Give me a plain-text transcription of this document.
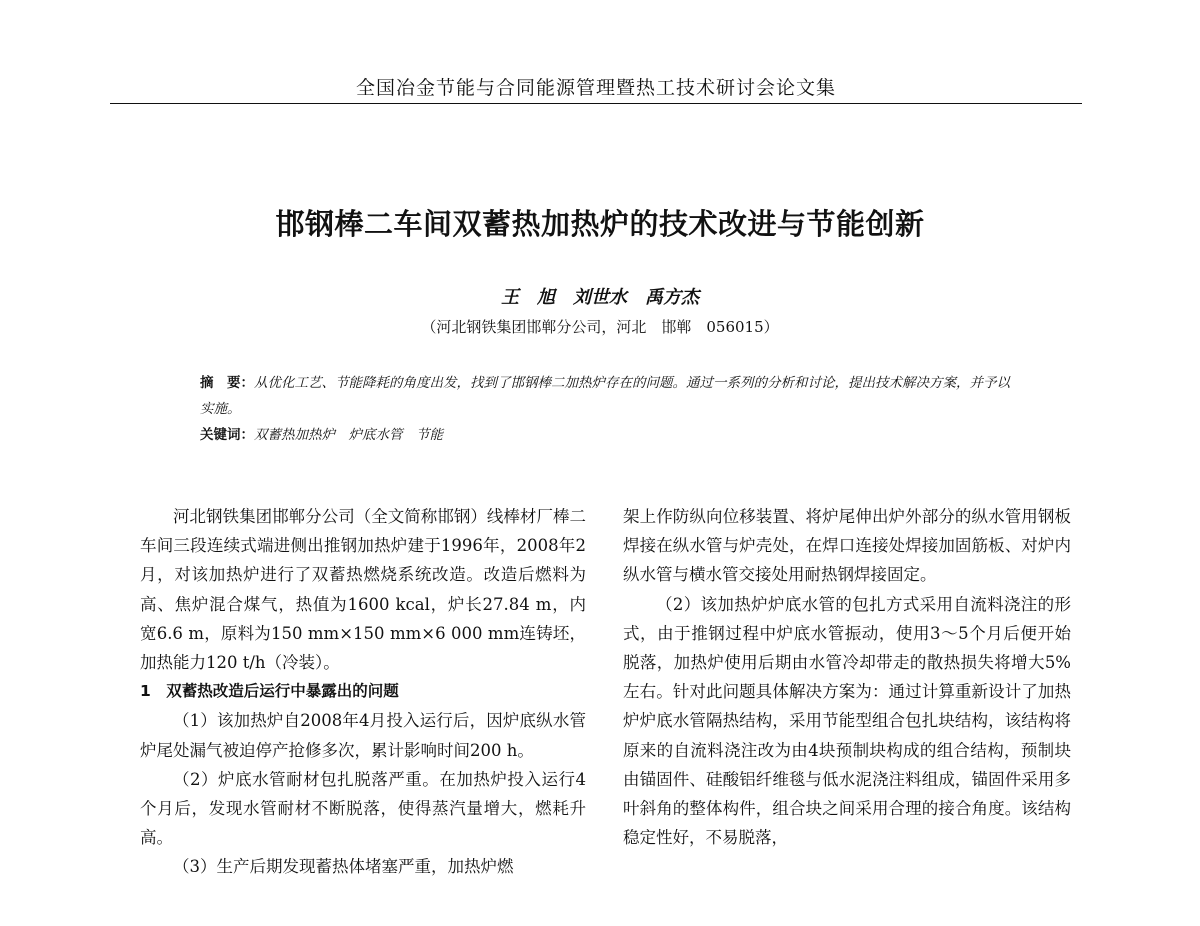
全国冶金节能与合同能源管理暨热工技术研讨会论文集
邯钢棒二车间双蓄热加热炉的技术改进与节能创新
王　旭　刘世水　禹方杰
（河北钢铁集团邯郸分公司，河北　邯郸　056015）

摘　要：从优化工艺、节能降耗的角度出发，找到了邯钢棒二加热炉存在的问题。通过一系列的分析和讨论，提出技术解决方案，并予以实施。

关键词：双蓄热加热炉　炉底水管　节能

河北钢铁集团邯郸分公司（全文简称邯钢）线棒材厂棒二车间三段连续式端进侧出推钢加热炉建于1996年，2008年2月，对该加热炉进行了双蓄热燃烧系统改造。改造后燃料为高、焦炉混合煤气，热值为1600 kcal，炉长27.84 m，内宽6.6 m，原料为150 mm×150 mm×6 000 mm连铸坯，加热能力120 t/h（冷装）。

1　双蓄热改造后运行中暴露出的问题

（1）该加热炉自2008年4月投入运行后，因炉底纵水管炉尾处漏气被迫停产抢修多次，累计影响时间200 h。

（2）炉底水管耐材包扎脱落严重。在加热炉投入运行4个月后，发现水管耐材不断脱落，使得蒸汽量增大，燃耗升高。

（3）生产后期发现蓄热体堵塞严重，加热炉燃

架上作防纵向位移装置、将炉尾伸出炉外部分的纵水管用钢板焊接在纵水管与炉壳处，在焊口连接处焊接加固筋板、对炉内纵水管与横水管交接处用耐热钢焊接固定。

（2）该加热炉炉底水管的包扎方式采用自流料浇注的形式，由于推钢过程中炉底水管振动，使用3～5个月后便开始脱落，加热炉使用后期由水管冷却带走的散热损失将增大5%左右。针对此问题具体解决方案为：通过计算重新设计了加热炉炉底水管隔热结构，采用节能型组合包扎块结构，该结构将原来的自流料浇注改为由4块预制块构成的组合结构，预制块由锚固件、硅酸铝纤维毯与低水泥浇注料组成，锚固件采用多叶斜角的整体构件，组合块之间采用合理的接合角度。该结构稳定性好，不易脱落，
